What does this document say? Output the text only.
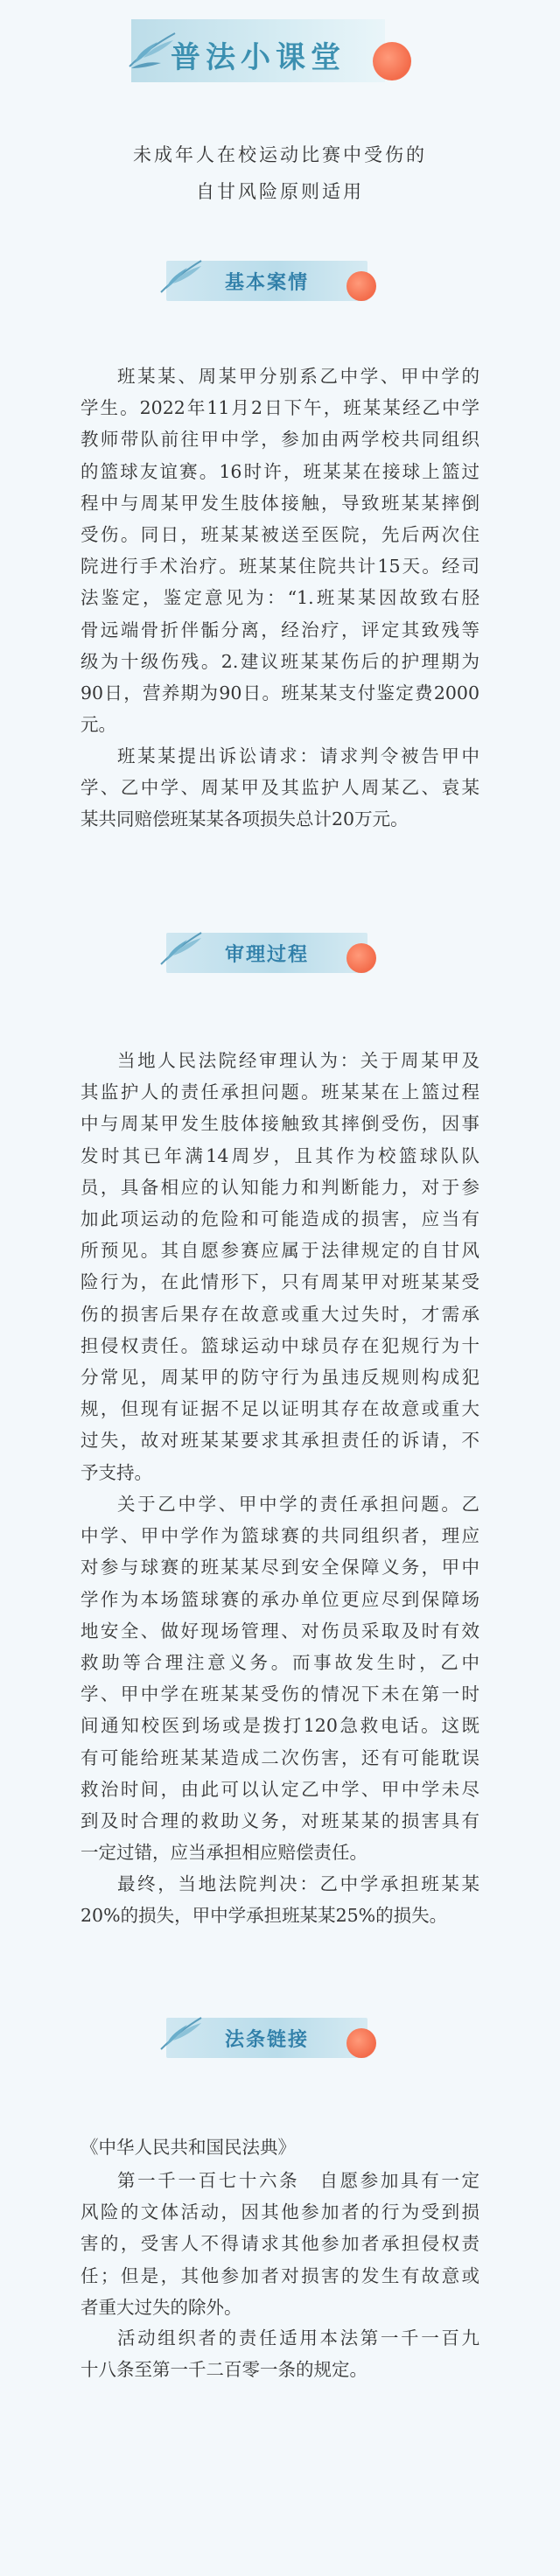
普法小课堂
未成年人在校运动比赛中受伤的
自甘风险原则适用
基本案情
班某某、周某甲分别系乙中学、甲中学的
学生。2022年11月2日下午，班某某经乙中学
教师带队前往甲中学，参加由两学校共同组织
的篮球友谊赛。16时许，班某某在接球上篮过
程中与周某甲发生肢体接触，导致班某某摔倒
受伤。同日，班某某被送至医院，先后两次住
院进行手术治疗。班某某住院共计15天。经司
法鉴定，鉴定意见为：“1.班某某因故致右胫
骨远端骨折伴骺分离，经治疗，评定其致残等
级为十级伤残。2.建议班某某伤后的护理期为
90日，营养期为90日。班某某支付鉴定费2000
元。
班某某提出诉讼请求：请求判令被告甲中
学、乙中学、周某甲及其监护人周某乙、袁某
某共同赔偿班某某各项损失总计20万元。
审理过程
当地人民法院经审理认为：关于周某甲及
其监护人的责任承担问题。班某某在上篮过程
中与周某甲发生肢体接触致其摔倒受伤，因事
发时其已年满14周岁，且其作为校篮球队队
员，具备相应的认知能力和判断能力，对于参
加此项运动的危险和可能造成的损害，应当有
所预见。其自愿参赛应属于法律规定的自甘风
险行为，在此情形下，只有周某甲对班某某受
伤的损害后果存在故意或重大过失时，才需承
担侵权责任。篮球运动中球员存在犯规行为十
分常见，周某甲的防守行为虽违反规则构成犯
规，但现有证据不足以证明其存在故意或重大
过失，故对班某某要求其承担责任的诉请，不
予支持。
关于乙中学、甲中学的责任承担问题。乙
中学、甲中学作为篮球赛的共同组织者，理应
对参与球赛的班某某尽到安全保障义务，甲中
学作为本场篮球赛的承办单位更应尽到保障场
地安全、做好现场管理、对伤员采取及时有效
救助等合理注意义务。而事故发生时，乙中
学、甲中学在班某某受伤的情况下未在第一时
间通知校医到场或是拨打120急救电话。这既
有可能给班某某造成二次伤害，还有可能耽误
救治时间，由此可以认定乙中学、甲中学未尽
到及时合理的救助义务，对班某某的损害具有
一定过错，应当承担相应赔偿责任。
最终，当地法院判决：乙中学承担班某某
20%的损失，甲中学承担班某某25%的损失。
法条链接
《中华人民共和国民法典》
第一千一百七十六条　自愿参加具有一定
风险的文体活动，因其他参加者的行为受到损
害的，受害人不得请求其他参加者承担侵权责
任；但是，其他参加者对损害的发生有故意或
者重大过失的除外。
活动组织者的责任适用本法第一千一百九
十八条至第一千二百零一条的规定。
